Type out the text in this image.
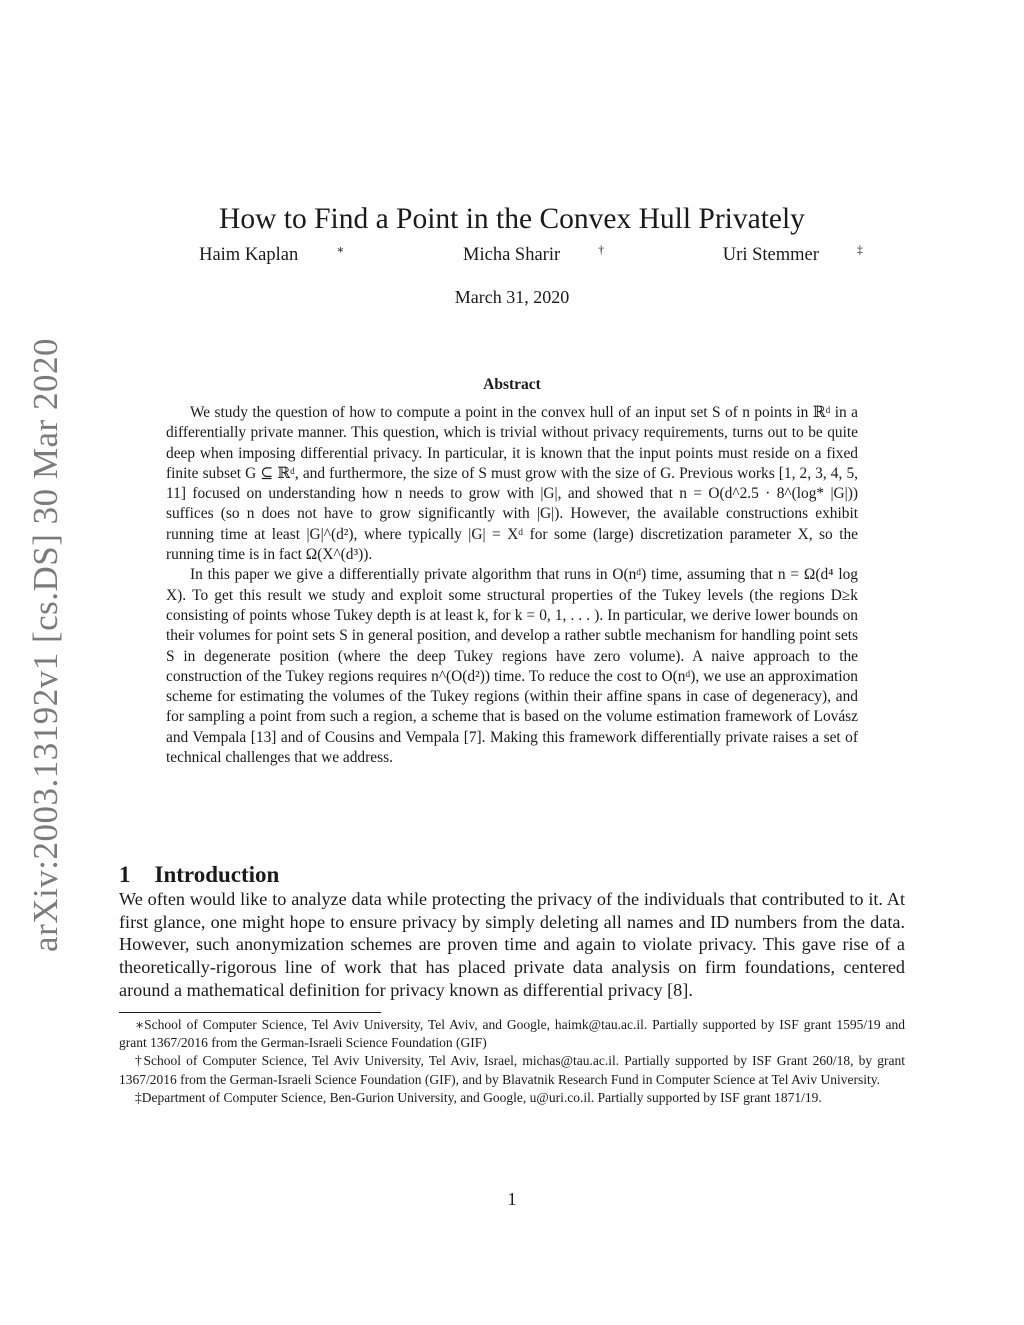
arXiv:2003.13192v1 [cs.DS] 30 Mar 2020
How to Find a Point in the Convex Hull Privately
Haim Kaplan	∗	Micha Sharir	†	Uri Stemmer	‡
March 31, 2020
Abstract

We study the question of how to compute a point in the convex hull of an input set S of n points in ℝᵈ in a differentially private manner. This question, which is trivial without privacy requirements, turns out to be quite deep when imposing differential privacy. In particular, it is known that the input points must reside on a fixed finite subset G ⊆ ℝᵈ, and furthermore, the size of S must grow with the size of G. Previous works [1, 2, 3, 4, 5, 11] focused on understanding how n needs to grow with |G|, and showed that n = O(d^2.5 · 8^(log* |G|)) suffices (so n does not have to grow significantly with |G|). However, the available constructions exhibit running time at least |G|^(d²), where typically |G| = Xᵈ for some (large) discretization parameter X, so the running time is in fact Ω(X^(d³)).

In this paper we give a differentially private algorithm that runs in O(nᵈ) time, assuming that n = Ω(d⁴ log X). To get this result we study and exploit some structural properties of the Tukey levels (the regions D≥k consisting of points whose Tukey depth is at least k, for k = 0, 1, . . . ). In particular, we derive lower bounds on their volumes for point sets S in general position, and develop a rather subtle mechanism for handling point sets S in degenerate position (where the deep Tukey regions have zero volume). A naive approach to the construction of the Tukey regions requires n^(O(d²)) time. To reduce the cost to O(nᵈ), we use an approximation scheme for estimating the volumes of the Tukey regions (within their affine spans in case of degeneracy), and for sampling a point from such a region, a scheme that is based on the volume estimation framework of Lovász and Vempala [13] and of Cousins and Vempala [7]. Making this framework differentially private raises a set of technical challenges that we address.

1 Introduction

We often would like to analyze data while protecting the privacy of the individuals that contributed to it. At first glance, one might hope to ensure privacy by simply deleting all names and ID numbers from the data. However, such anonymization schemes are proven time and again to violate privacy. This gave rise of a theoretically-rigorous line of work that has placed private data analysis on firm foundations, centered around a mathematical definition for privacy known as differential privacy [8].

∗School of Computer Science, Tel Aviv University, Tel Aviv, and Google, haimk@tau.ac.il. Partially supported by ISF grant 1595/19 and grant 1367/2016 from the German-Israeli Science Foundation (GIF)

†School of Computer Science, Tel Aviv University, Tel Aviv, Israel, michas@tau.ac.il. Partially supported by ISF Grant 260/18, by grant 1367/2016 from the German-Israeli Science Foundation (GIF), and by Blavatnik Research Fund in Computer Science at Tel Aviv University.

‡Department of Computer Science, Ben-Gurion University, and Google, u@uri.co.il. Partially supported by ISF grant 1871/19.

1
